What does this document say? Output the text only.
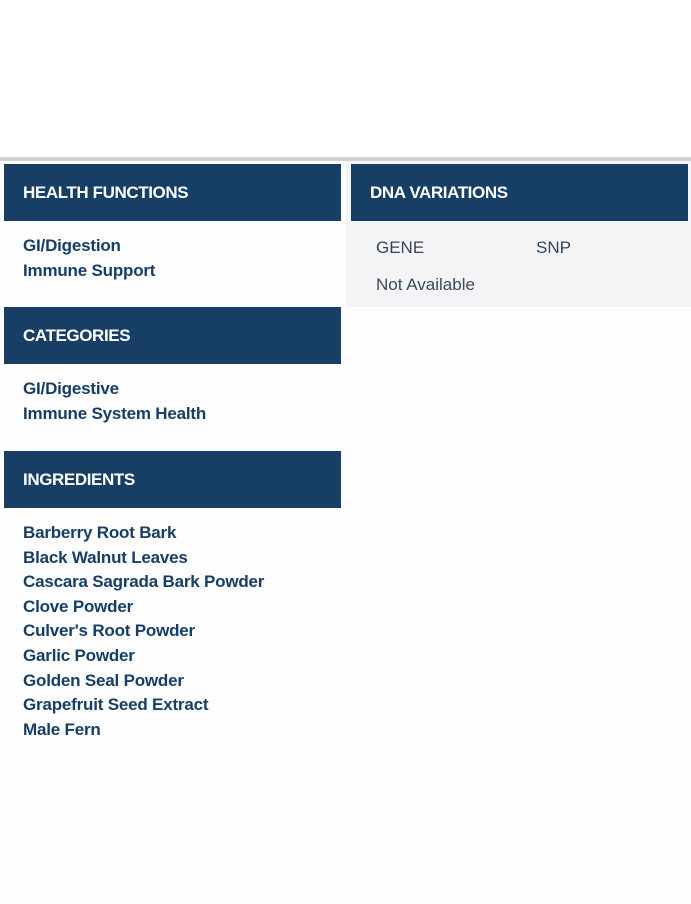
HEALTH FUNCTIONS
GI/Digestion
Immune Support
CATEGORIES
GI/Digestive
Immune System Health
INGREDIENTS
Barberry Root Bark
Black Walnut Leaves
Cascara Sagrada Bark Powder
Clove Powder
Culver's Root Powder
Garlic Powder
Golden Seal Powder
Grapefruit Seed Extract
Male Fern
DNA VARIATIONS
GENE	SNP
Not Available
